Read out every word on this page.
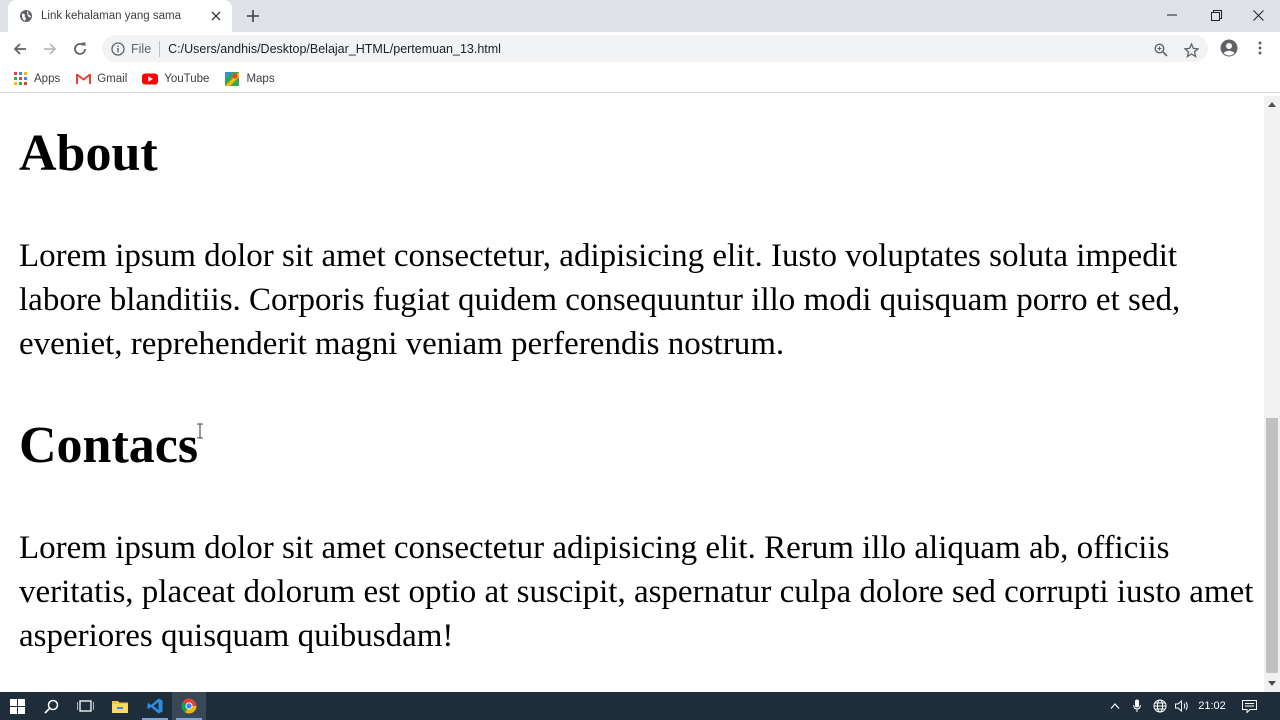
Link kehalaman yang sama
File C:/Users/andhis/Desktop/Belajar_HTML/pertemuan_13.html
Apps	Gmail	YouTube	Maps
About

Lorem ipsum dolor sit amet consectetur, adipisicing elit. Iusto voluptates soluta impedit labore blanditiis. Corporis fugiat quidem consequuntur illo modi quisquam porro et sed, eveniet, reprehenderit magni veniam perferendis nostrum.

Contacs

Lorem ipsum dolor sit amet consectetur adipisicing elit. Rerum illo aliquam ab, officiis veritatis, placeat dolorum est optio at suscipit, aspernatur culpa dolore sed corrupti iusto amet asperiores quisquam quibusdam!

21:02
